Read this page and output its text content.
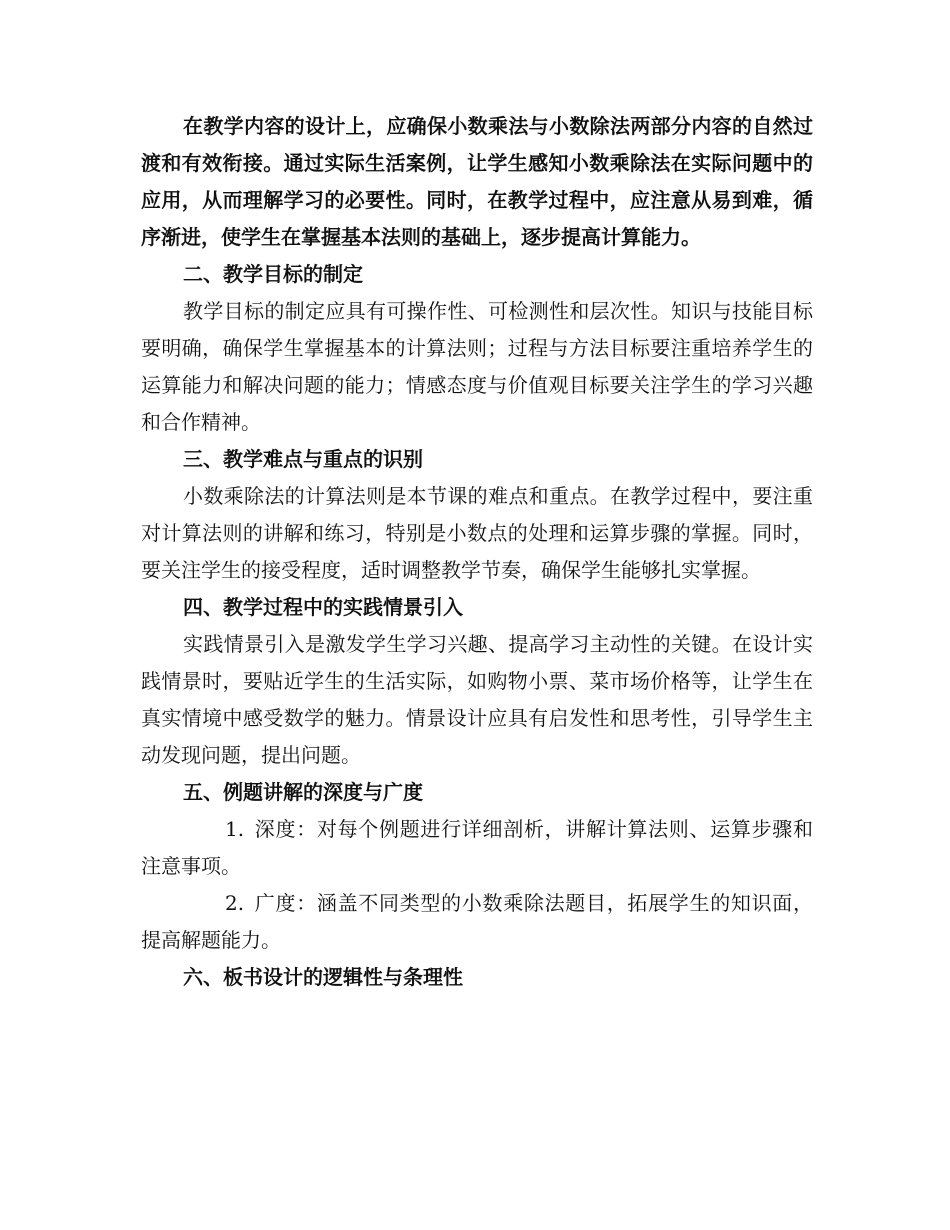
在教学内容的设计上，应确保小数乘法与小数除法两部分内容的自然过渡和有效衔接。通过实际生活案例，让学生感知小数乘除法在实际问题中的应用，从而理解学习的必要性。同时，在教学过程中，应注意从易到难，循序渐进，使学生在掌握基本法则的基础上，逐步提高计算能力。

二、教学目标的制定

教学目标的制定应具有可操作性、可检测性和层次性。知识与技能目标要明确，确保学生掌握基本的计算法则；过程与方法目标要注重培养学生的运算能力和解决问题的能力；情感态度与价值观目标要关注学生的学习兴趣和合作精神。

三、教学难点与重点的识别

小数乘除法的计算法则是本节课的难点和重点。在教学过程中，要注重对计算法则的讲解和练习，特别是小数点的处理和运算步骤的掌握。同时，要关注学生的接受程度，适时调整教学节奏，确保学生能够扎实掌握。

四、教学过程中的实践情景引入

实践情景引入是激发学生学习兴趣、提高学习主动性的关键。在设计实践情景时，要贴近学生的生活实际，如购物小票、菜市场价格等，让学生在真实情境中感受数学的魅力。情景设计应具有启发性和思考性，引导学生主动发现问题，提出问题。

五、例题讲解的深度与广度

1. 深度：对每个例题进行详细剖析，讲解计算法则、运算步骤和注意事项。

2. 广度：涵盖不同类型的小数乘除法题目，拓展学生的知识面，提高解题能力。

六、板书设计的逻辑性与条理性
